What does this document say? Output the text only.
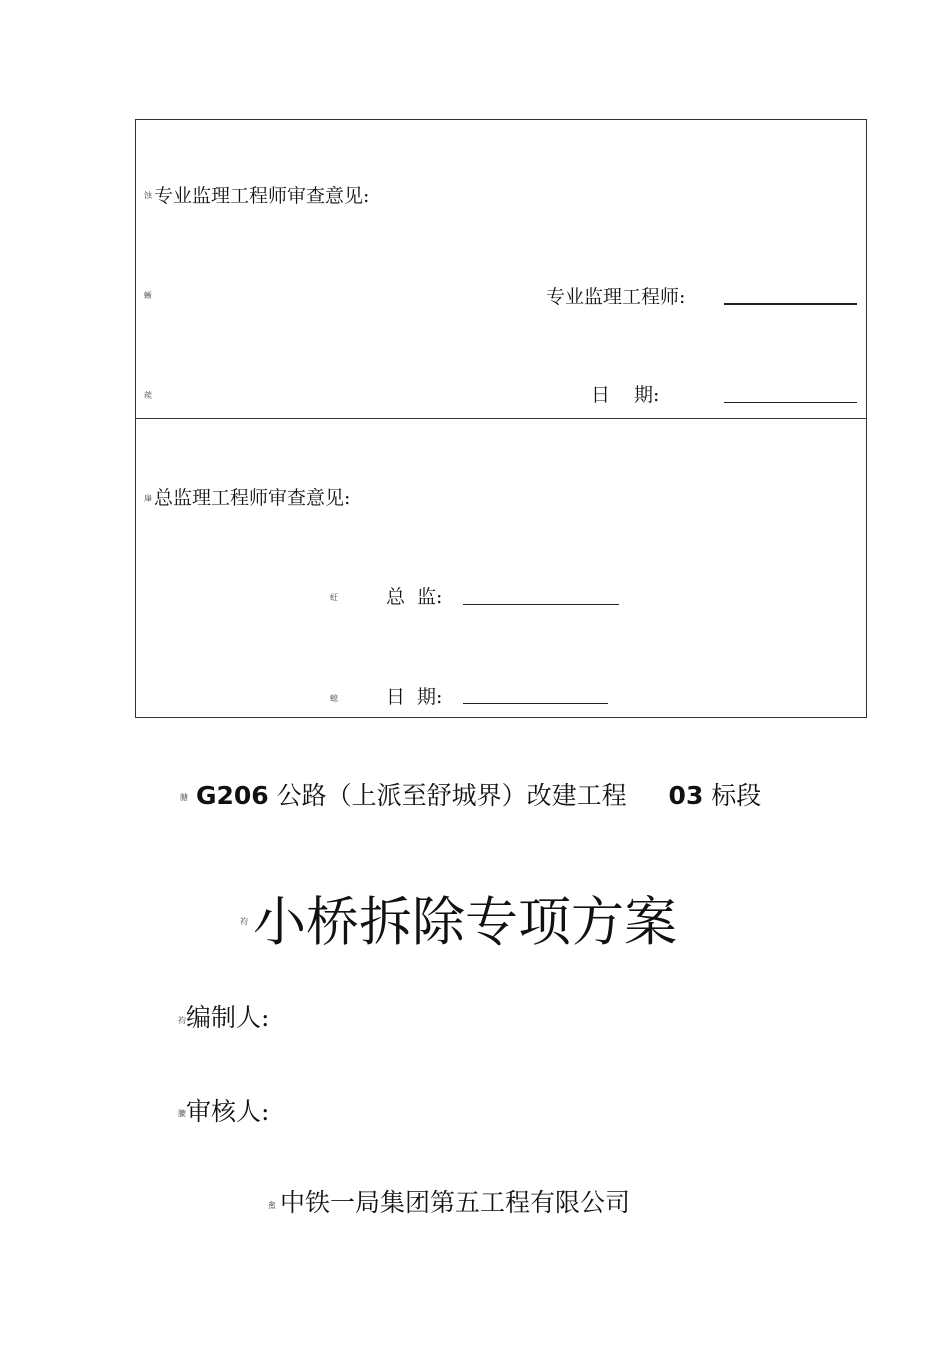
蚀 专业监理工程师审查意见:
蜥	专业监理工程师:
蒺	日 期:
肁 总监理工程师审查意见:
蚟	总 监:
螅	日 期:
膅 G206 公路（上派至舒城界）改建工程 03 标段
袀 小桥拆除专项方案
袀 编制人:
膔 审核人:
蚃 中铁一局集团第五工程有限公司
